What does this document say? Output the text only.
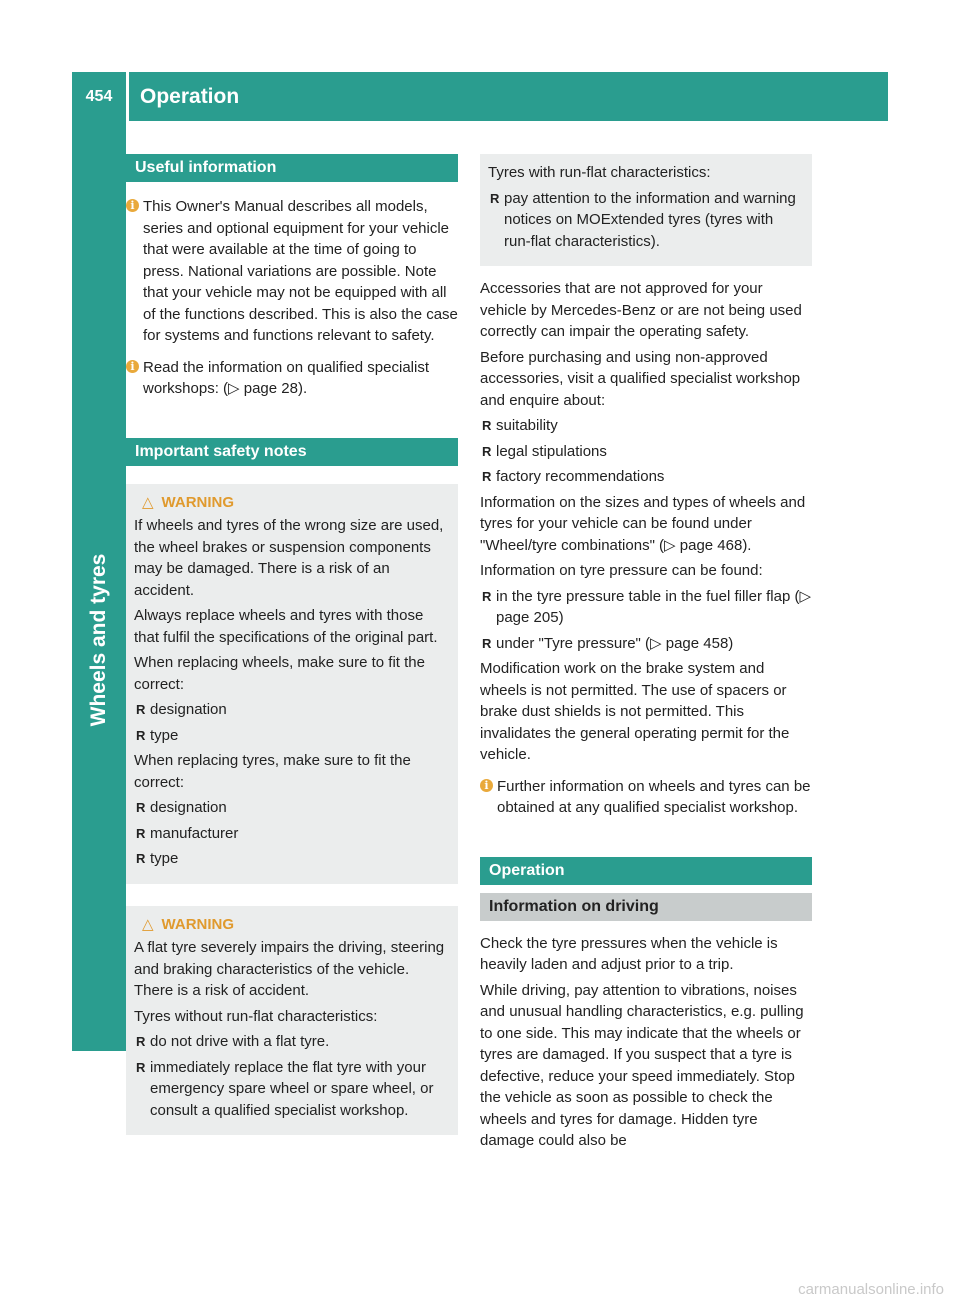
454	Operation
Wheels and tyres
Useful information
i This Owner's Manual describes all models, series and optional equipment for your vehicle that were available at the time of going to press. National variations are possible. Note that your vehicle may not be equipped with all of the functions described. This is also the case for systems and functions relevant to safety.
i Read the information on qualified specialist workshops: (▷ page 28).
Important safety notes
△ WARNING

If wheels and tyres of the wrong size are used, the wheel brakes or suspension components may be damaged. There is a risk of an accident.

Always replace wheels and tyres with those that fulfil the specifications of the original part.

When replacing wheels, make sure to fit the correct:

R designation
R type

When replacing tyres, make sure to fit the correct:

R designation
R manufacturer
R type
△ WARNING

A flat tyre severely impairs the driving, steering and braking characteristics of the vehicle. There is a risk of accident.

Tyres without run-flat characteristics:

R do not drive with a flat tyre.
R immediately replace the flat tyre with your emergency spare wheel or spare wheel, or consult a qualified specialist workshop.

Tyres with run-flat characteristics:

R pay attention to the information and warning notices on MOExtended tyres (tyres with run-flat characteristics).

Accessories that are not approved for your vehicle by Mercedes-Benz or are not being used correctly can impair the operating safety.

Before purchasing and using non-approved accessories, visit a qualified specialist workshop and enquire about:

R suitability
R legal stipulations
R factory recommendations

Information on the sizes and types of wheels and tyres for your vehicle can be found under "Wheel/tyre combinations" (▷ page 468).

Information on tyre pressure can be found:

R in the tyre pressure table in the fuel filler flap (▷ page 205)
R under "Tyre pressure" (▷ page 458)

Modification work on the brake system and wheels is not permitted. The use of spacers or brake dust shields is not permitted. This invalidates the general operating permit for the vehicle.

i Further information on wheels and tyres can be obtained at any qualified specialist workshop.
Operation
Information on driving

Check the tyre pressures when the vehicle is heavily laden and adjust prior to a trip.

While driving, pay attention to vibrations, noises and unusual handling characteristics, e.g. pulling to one side. This may indicate that the wheels or tyres are damaged. If you suspect that a tyre is defective, reduce your speed immediately. Stop the vehicle as soon as possible to check the wheels and tyres for damage. Hidden tyre damage could also be

carmanualsonline.info
